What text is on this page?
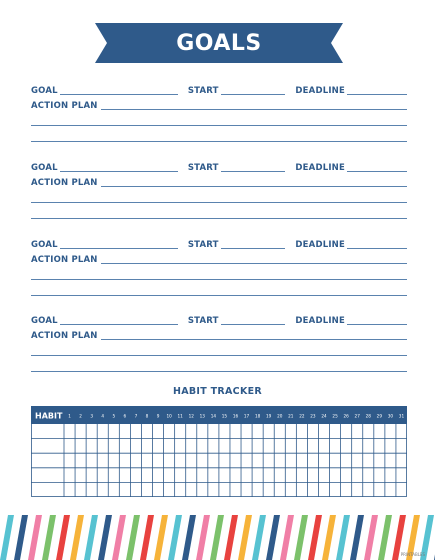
GOALS
GOAL	START	DEADLINE
ACTION PLAN
GOAL	START	DEADLINE
ACTION PLAN
GOAL	START	DEADLINE
ACTION PLAN
GOAL	START	DEADLINE
ACTION PLAN
HABIT TRACKER
HABIT 1 2 3 4 5 6 7 8 9 10 11 12 13 14 15 16 17 18 19 20 21 22 23 24 25 26 27 28 29 30 31
PRINTABLES
